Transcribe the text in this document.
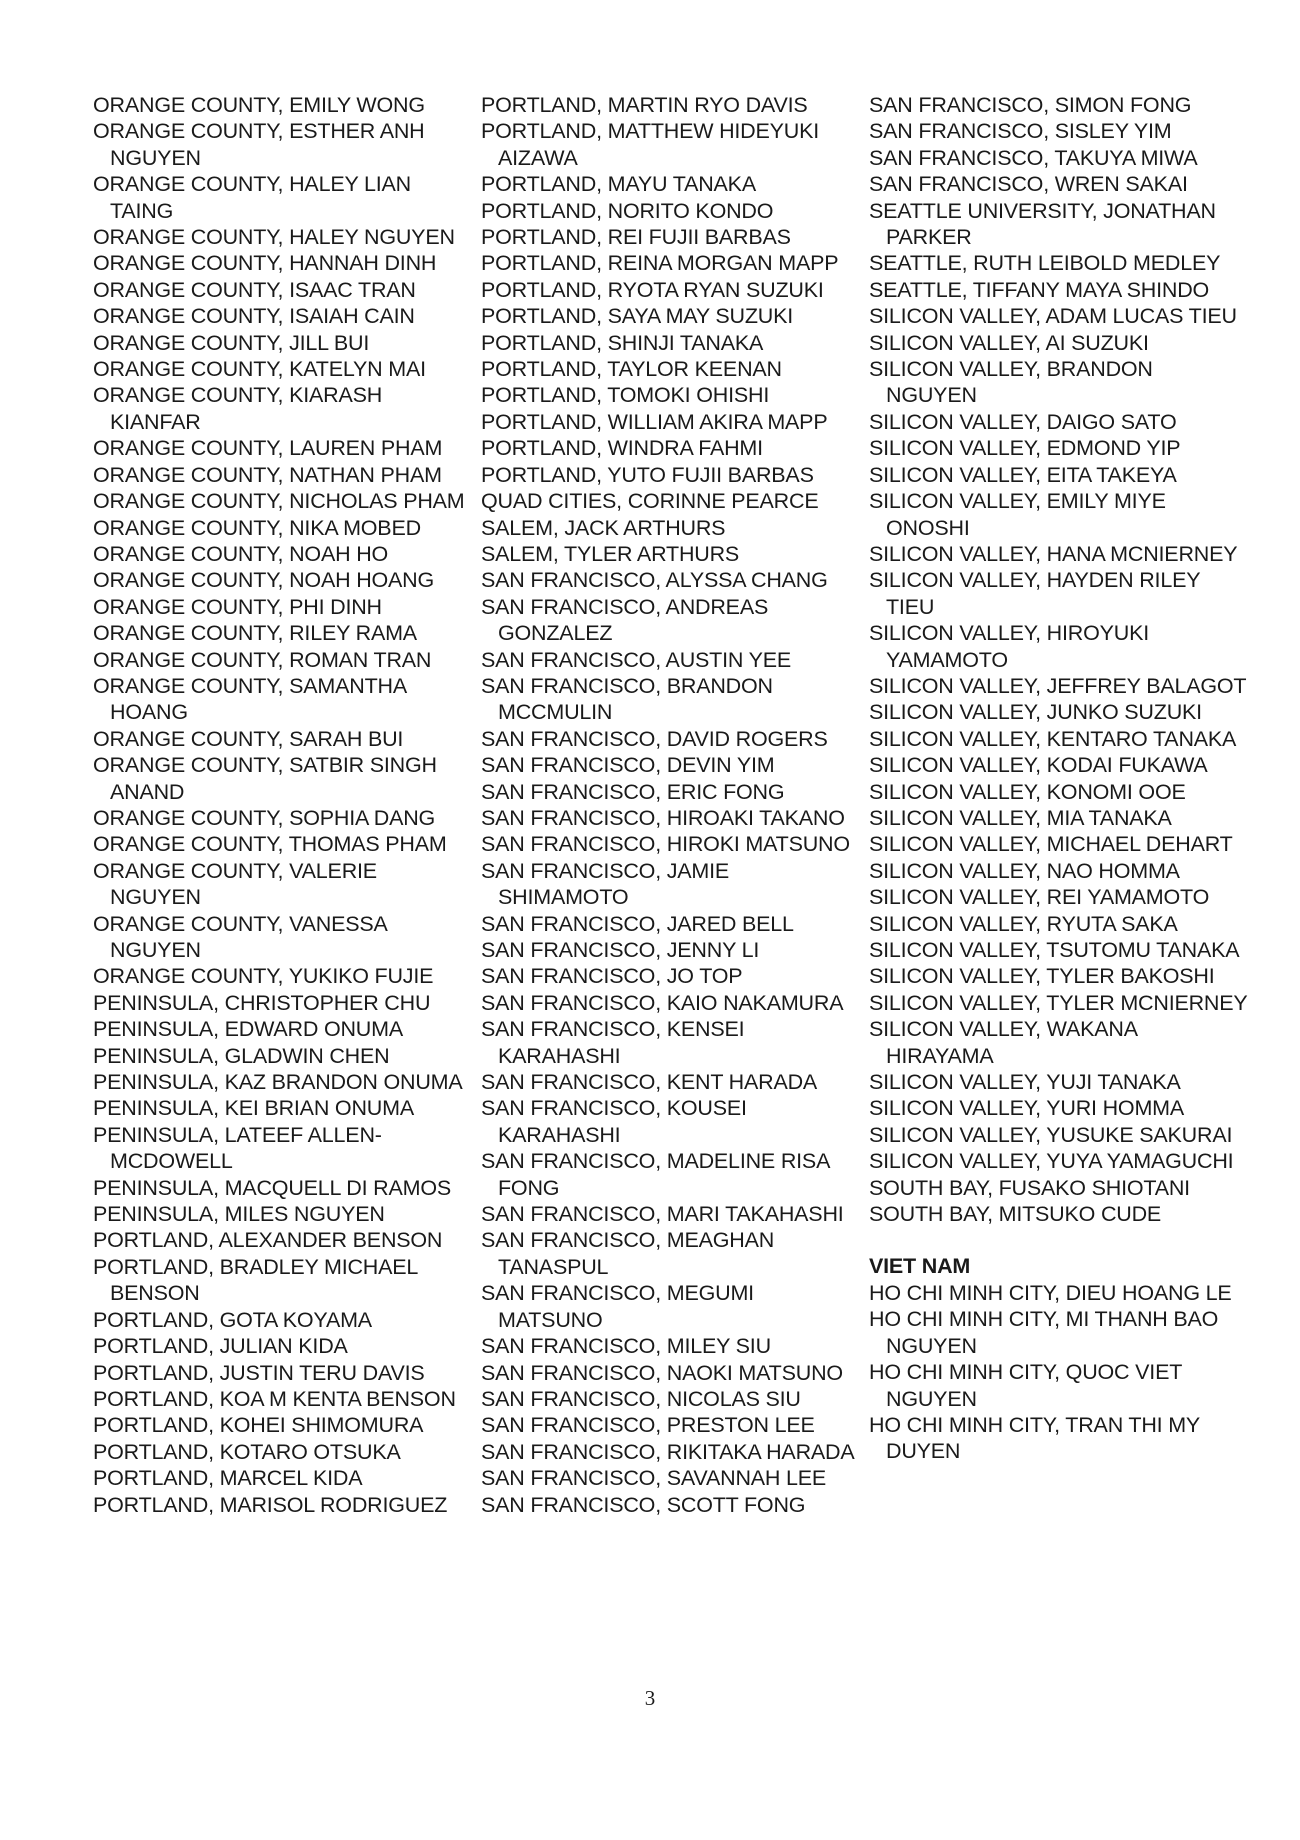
ORANGE COUNTY, EMILY WONG
ORANGE COUNTY, ESTHER ANH NGUYEN
ORANGE COUNTY, HALEY LIAN TAING
ORANGE COUNTY, HALEY NGUYEN
ORANGE COUNTY, HANNAH DINH
ORANGE COUNTY, ISAAC TRAN
ORANGE COUNTY, ISAIAH CAIN
ORANGE COUNTY, JILL BUI
ORANGE COUNTY, KATELYN MAI
ORANGE COUNTY, KIARASH KIANFAR
ORANGE COUNTY, LAUREN PHAM
ORANGE COUNTY, NATHAN PHAM
ORANGE COUNTY, NICHOLAS PHAM
ORANGE COUNTY, NIKA MOBED
ORANGE COUNTY, NOAH HO
ORANGE COUNTY, NOAH HOANG
ORANGE COUNTY, PHI DINH
ORANGE COUNTY, RILEY RAMA
ORANGE COUNTY, ROMAN TRAN
ORANGE COUNTY, SAMANTHA HOANG
ORANGE COUNTY, SARAH BUI
ORANGE COUNTY, SATBIR SINGH ANAND
ORANGE COUNTY, SOPHIA DANG
ORANGE COUNTY, THOMAS PHAM
ORANGE COUNTY, VALERIE NGUYEN
ORANGE COUNTY, VANESSA NGUYEN
ORANGE COUNTY, YUKIKO FUJIE
PENINSULA, CHRISTOPHER CHU
PENINSULA, EDWARD ONUMA
PENINSULA, GLADWIN CHEN
PENINSULA, KAZ BRANDON ONUMA
PENINSULA, KEI BRIAN ONUMA
PENINSULA, LATEEF ALLEN-MCDOWELL
PENINSULA, MACQUELL DI RAMOS
PENINSULA, MILES NGUYEN
PORTLAND, ALEXANDER BENSON
PORTLAND, BRADLEY MICHAEL BENSON
PORTLAND, GOTA KOYAMA
PORTLAND, JULIAN KIDA
PORTLAND, JUSTIN TERU DAVIS
PORTLAND, KOA M KENTA BENSON
PORTLAND, KOHEI SHIMOMURA
PORTLAND, KOTARO OTSUKA
PORTLAND, MARCEL KIDA
PORTLAND, MARISOL RODRIGUEZ
PORTLAND, MARTIN RYO DAVIS
PORTLAND, MATTHEW HIDEYUKI AIZAWA
PORTLAND, MAYU TANAKA
PORTLAND, NORITO KONDO
PORTLAND, REI FUJII BARBAS
PORTLAND, REINA MORGAN MAPP
PORTLAND, RYOTA RYAN SUZUKI
PORTLAND, SAYA MAY SUZUKI
PORTLAND, SHINJI TANAKA
PORTLAND, TAYLOR KEENAN
PORTLAND, TOMOKI OHISHI
PORTLAND, WILLIAM AKIRA MAPP
PORTLAND, WINDRA FAHMI
PORTLAND, YUTO FUJII BARBAS
QUAD CITIES, CORINNE PEARCE
SALEM, JACK ARTHURS
SALEM, TYLER ARTHURS
SAN FRANCISCO, ALYSSA CHANG
SAN FRANCISCO, ANDREAS GONZALEZ
SAN FRANCISCO, AUSTIN YEE
SAN FRANCISCO, BRANDON MCCMULIN
SAN FRANCISCO, DAVID ROGERS
SAN FRANCISCO, DEVIN YIM
SAN FRANCISCO, ERIC FONG
SAN FRANCISCO, HIROAKI TAKANO
SAN FRANCISCO, HIROKI MATSUNO
SAN FRANCISCO, JAMIE SHIMAMOTO
SAN FRANCISCO, JARED BELL
SAN FRANCISCO, JENNY LI
SAN FRANCISCO, JO TOP
SAN FRANCISCO, KAIO NAKAMURA
SAN FRANCISCO, KENSEI KARAHASHI
SAN FRANCISCO, KENT HARADA
SAN FRANCISCO, KOUSEI KARAHASHI
SAN FRANCISCO, MADELINE RISA FONG
SAN FRANCISCO, MARI TAKAHASHI
SAN FRANCISCO, MEAGHAN TANASPUL
SAN FRANCISCO, MEGUMI MATSUNO
SAN FRANCISCO, MILEY SIU
SAN FRANCISCO, NAOKI MATSUNO
SAN FRANCISCO, NICOLAS SIU
SAN FRANCISCO, PRESTON LEE
SAN FRANCISCO, RIKITAKA HARADA
SAN FRANCISCO, SAVANNAH LEE
SAN FRANCISCO, SCOTT FONG
SAN FRANCISCO, SIMON FONG
SAN FRANCISCO, SISLEY YIM
SAN FRANCISCO, TAKUYA MIWA
SAN FRANCISCO, WREN SAKAI
SEATTLE UNIVERSITY, JONATHAN PARKER
SEATTLE, RUTH LEIBOLD MEDLEY
SEATTLE, TIFFANY MAYA SHINDO
SILICON VALLEY, ADAM LUCAS TIEU
SILICON VALLEY, AI SUZUKI
SILICON VALLEY, BRANDON NGUYEN
SILICON VALLEY, DAIGO SATO
SILICON VALLEY, EDMOND YIP
SILICON VALLEY, EITA TAKEYA
SILICON VALLEY, EMILY MIYE ONOSHI
SILICON VALLEY, HANA MCNIERNEY
SILICON VALLEY, HAYDEN RILEY TIEU
SILICON VALLEY, HIROYUKI YAMAMOTO
SILICON VALLEY, JEFFREY BALAGOT
SILICON VALLEY, JUNKO SUZUKI
SILICON VALLEY, KENTARO TANAKA
SILICON VALLEY, KODAI FUKAWA
SILICON VALLEY, KONOMI OOE
SILICON VALLEY, MIA TANAKA
SILICON VALLEY, MICHAEL DEHART
SILICON VALLEY, NAO HOMMA
SILICON VALLEY, REI YAMAMOTO
SILICON VALLEY, RYUTA SAKA
SILICON VALLEY, TSUTOMU TANAKA
SILICON VALLEY, TYLER BAKOSHI
SILICON VALLEY, TYLER MCNIERNEY
SILICON VALLEY, WAKANA HIRAYAMA
SILICON VALLEY, YUJI TANAKA
SILICON VALLEY, YURI HOMMA
SILICON VALLEY, YUSUKE SAKURAI
SILICON VALLEY, YUYA YAMAGUCHI
SOUTH BAY, FUSAKO SHIOTANI
SOUTH BAY, MITSUKO CUDE
VIET NAM
HO CHI MINH CITY, DIEU HOANG LE
HO CHI MINH CITY, MI THANH BAO NGUYEN
HO CHI MINH CITY, QUOC VIET NGUYEN
HO CHI MINH CITY, TRAN THI MY DUYEN
3
